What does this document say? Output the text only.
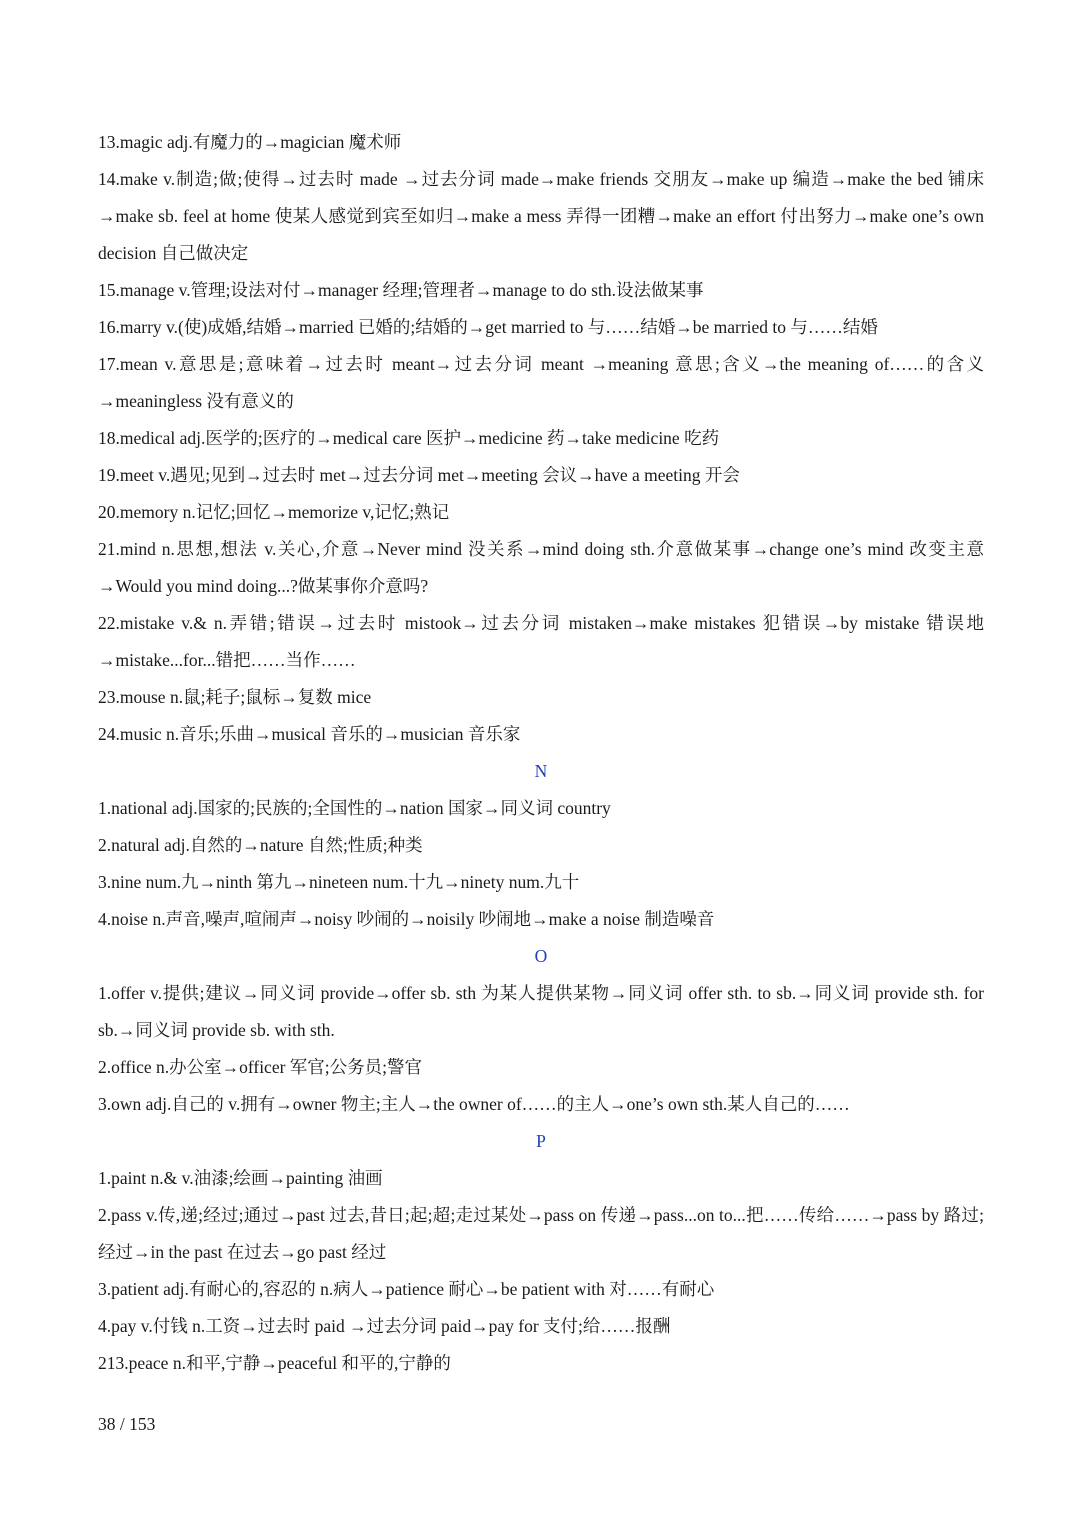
13.magic adj.有魔力的→magician 魔术师
14.make v.制造;做;使得→过去时 made →过去分词 made→make friends 交朋友→make up 编造→make the bed 铺床→make sb. feel at home 使某人感觉到宾至如归→make a mess 弄得一团糟→make an effort 付出努力→make one’s own decision 自己做决定
15.manage v.管理;设法对付→manager 经理;管理者→manage to do sth.设法做某事
16.marry v.(使)成婚,结婚→married 已婚的;结婚的→get married to 与……结婚→be married to 与……结婚
17.mean v.意思是;意味着→过去时 meant→过去分词 meant →meaning 意思;含义→the meaning of……的含义→meaningless 没有意义的
18.medical adj.医学的;医疗的→medical care 医护→medicine 药→take medicine 吃药
19.meet v.遇见;见到→过去时 met→过去分词 met→meeting 会议→have a meeting 开会
20.memory n.记忆;回忆→memorize v,记忆;熟记
21.mind n.思想,想法 v.关心,介意→Never mind 没关系→mind doing sth.介意做某事→change one’s mind 改变主意→Would you mind doing...?做某事你介意吗?
22.mistake v.& n.弄错;错误→过去时 mistook→过去分词 mistaken→make mistakes 犯错误→by mistake 错误地→mistake...for...错把……当作……
23.mouse n.鼠;耗子;鼠标→复数 mice
24.music n.音乐;乐曲→musical 音乐的→musician 音乐家
N
1.national adj.国家的;民族的;全国性的→nation 国家→同义词 country
2.natural adj.自然的→nature 自然;性质;种类
3.nine num.九→ninth 第九→nineteen num.十九→ninety num.九十
4.noise n.声音,噪声,喧闹声→noisy 吵闹的→noisily 吵闹地→make a noise 制造噪音
O
1.offer v.提供;建议→同义词 provide→offer sb. sth 为某人提供某物→同义词 offer sth. to sb.→同义词 provide sth. for sb.→同义词 provide sb. with sth.
2.office n.办公室→officer 军官;公务员;警官
3.own adj.自己的 v.拥有→owner 物主;主人→the owner of……的主人→one’s own sth.某人自己的……
P
1.paint n.& v.油漆;绘画→painting 油画
2.pass v.传,递;经过;通过→past 过去,昔日;起;超;走过某处→pass on 传递→pass...on to...把……传给……→pass by 路过;经过→in the past 在过去→go past 经过
3.patient adj.有耐心的,容忍的 n.病人→patience 耐心→be patient with 对……有耐心
4.pay v.付钱 n.工资→过去时 paid →过去分词 paid→pay for 支付;给……报酬
213.peace n.和平,宁静→peaceful 和平的,宁静的
38 / 153
